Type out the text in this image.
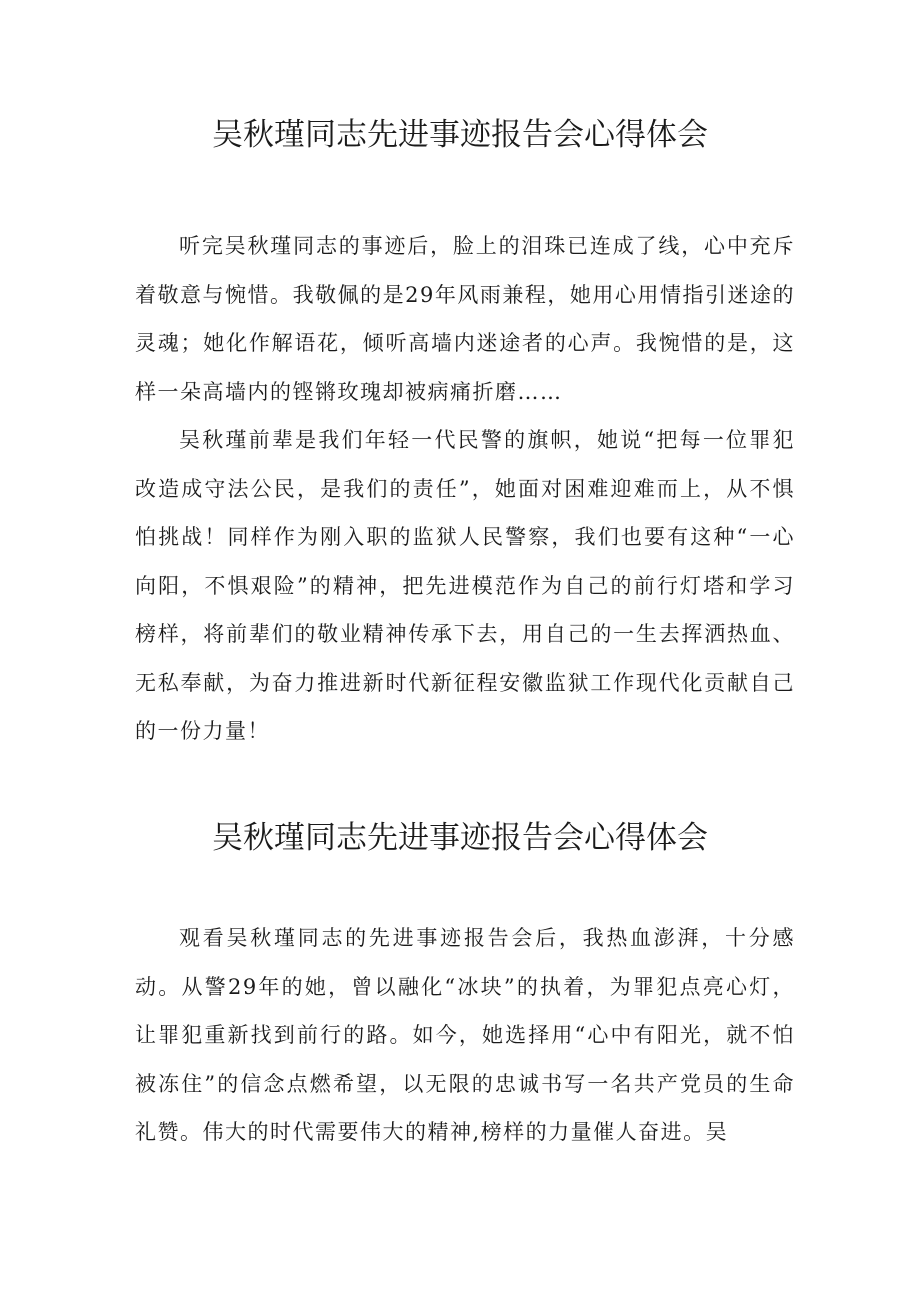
吴秋瑾同志先进事迹报告会心得体会

听完吴秋瑾同志的事迹后，脸上的泪珠已连成了线，心中充斥着敬意与惋惜。我敬佩的是29年风雨兼程，她用心用情指引迷途的灵魂；她化作解语花，倾听高墙内迷途者的心声。我惋惜的是，这样一朵高墙内的铿锵玫瑰却被病痛折磨……

吴秋瑾前辈是我们年轻一代民警的旗帜，她说“把每一位罪犯改造成守法公民，是我们的责任”，她面对困难迎难而上，从不惧怕挑战！同样作为刚入职的监狱人民警察，我们也要有这种“一心向阳，不惧艰险”的精神，把先进模范作为自己的前行灯塔和学习榜样，将前辈们的敬业精神传承下去，用自己的一生去挥洒热血、无私奉献，为奋力推进新时代新征程安徽监狱工作现代化贡献自己的一份力量！

吴秋瑾同志先进事迹报告会心得体会

观看吴秋瑾同志的先进事迹报告会后，我热血澎湃，十分感动。从警29年的她，曾以融化“冰块”的执着，为罪犯点亮心灯，让罪犯重新找到前行的路。如今，她选择用“心中有阳光，就不怕被冻住”的信念点燃希望，以无限的忠诚书写一名共产党员的生命礼赞。伟大的时代需要伟大的精神,榜样的力量催人奋进。吴
